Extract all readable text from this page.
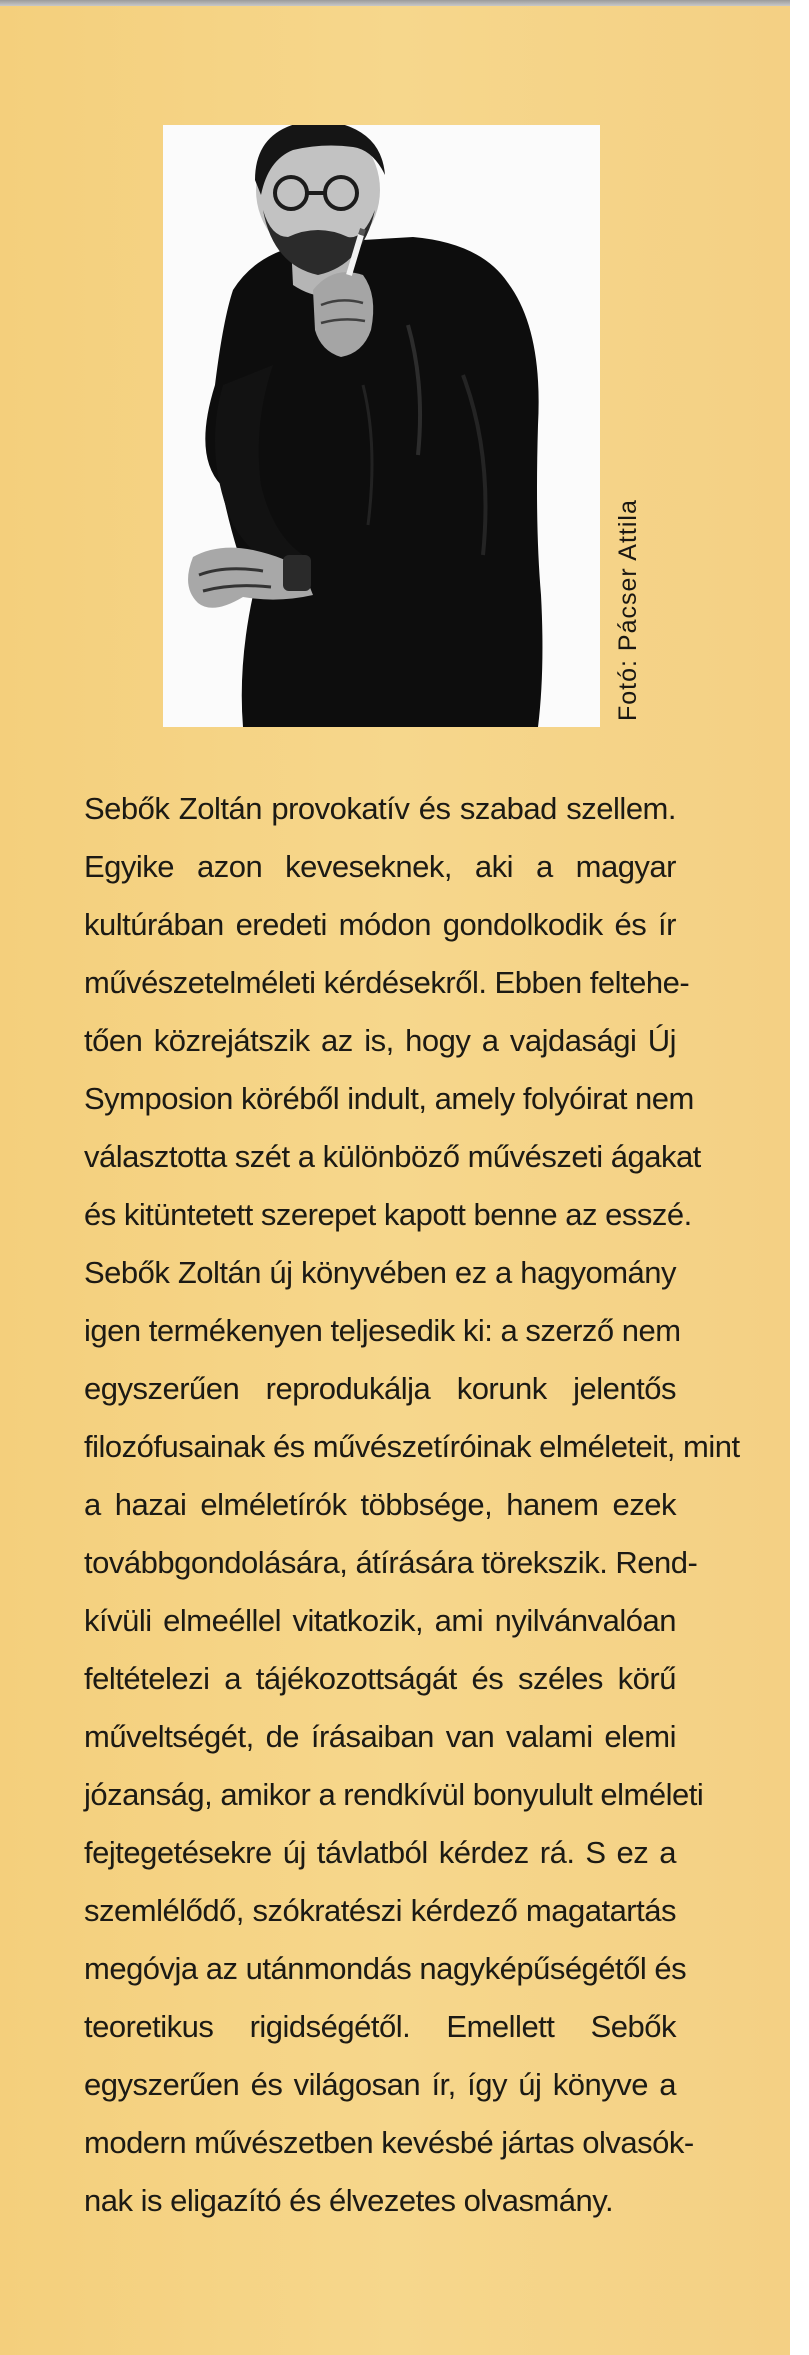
Fotó: Pácser Attila
Sebők Zoltán provokatív és szabad szellem.
Egyike azon keveseknek, aki a magyar
kultúrában eredeti módon gondolkodik és ír
művészetelméleti kérdésekről. Ebben feltehe-
tően közrejátszik az is, hogy a vajdasági Új
Symposion köréből indult, amely folyóirat nem
választotta szét a különböző művészeti ágakat
és kitüntetett szerepet kapott benne az esszé.
Sebők Zoltán új könyvében ez a hagyomány
igen termékenyen teljesedik ki: a szerző nem
egyszerűen reprodukálja korunk jelentős
filozófusainak és művészetíróinak elméleteit, mint
a hazai elméletírók többsége, hanem ezek
továbbgondolására, átírására törekszik. Rend-
kívüli elmeéllel vitatkozik, ami nyilvánvalóan
feltételezi a tájékozottságát és széles körű
műveltségét, de írásaiban van valami elemi
józanság, amikor a rendkívül bonyulult elméleti
fejtegetésekre új távlatból kérdez rá. S ez a
szemlélődő, szókratészi kérdező magatartás
megóvja az utánmondás nagyképűségétől és
teoretikus rigidségétől. Emellett Sebők
egyszerűen és világosan ír, így új könyve a
modern művészetben kevésbé jártas olvasók-
nak is eligazító és élvezetes olvasmány.
